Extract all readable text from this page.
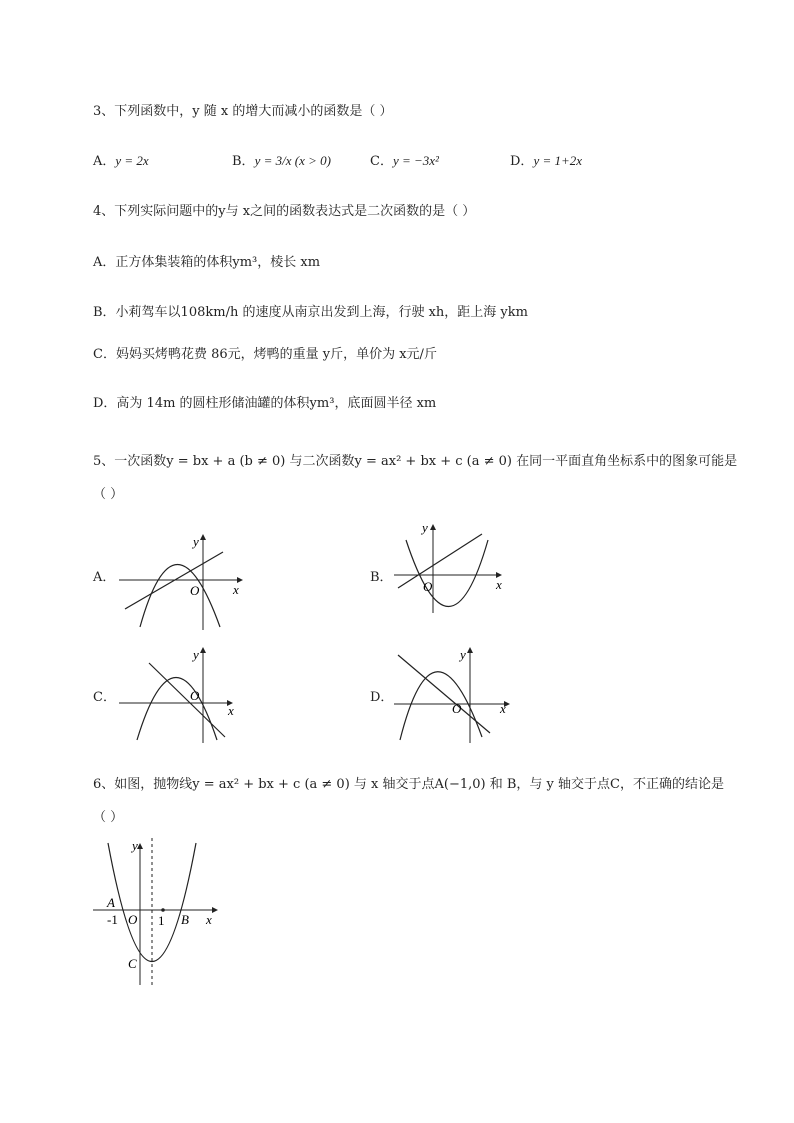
3、下列函数中，y 随 x 的增大而减小的函数是（ ）
A．y = 2x	B．y = 3/x (x > 0)	C．y = −3x²	D．y = 1+2x
4、下列实际问题中的y与 x之间的函数表达式是二次函数的是（ ）
A．正方体集装箱的体积ym³，棱长 xm
B．小莉驾车以108km/h 的速度从南京出发到上海，行驶 xh，距上海 ykm
C．妈妈买烤鸭花费 86元，烤鸭的重量 y斤，单价为 x元/斤
D．高为 14m 的圆柱形储油罐的体积ym³，底面圆半径 xm
5、一次函数y = bx + a (b ≠ 0) 与二次函数y = ax² + bx + c (a ≠ 0) 在同一平面直角坐标系中的图象可能是
（ ）
A．
x
y
O
B．	x
y
O
C．
x
y
O	D．
x
y
O
6、如图，抛物线y = ax² + bx + c (a ≠ 0) 与 x 轴交于点A(−1,0) 和 B，与 y 轴交于点C，不正确的结论是
（ ）
y
x
A
-1 O 1 B
C
